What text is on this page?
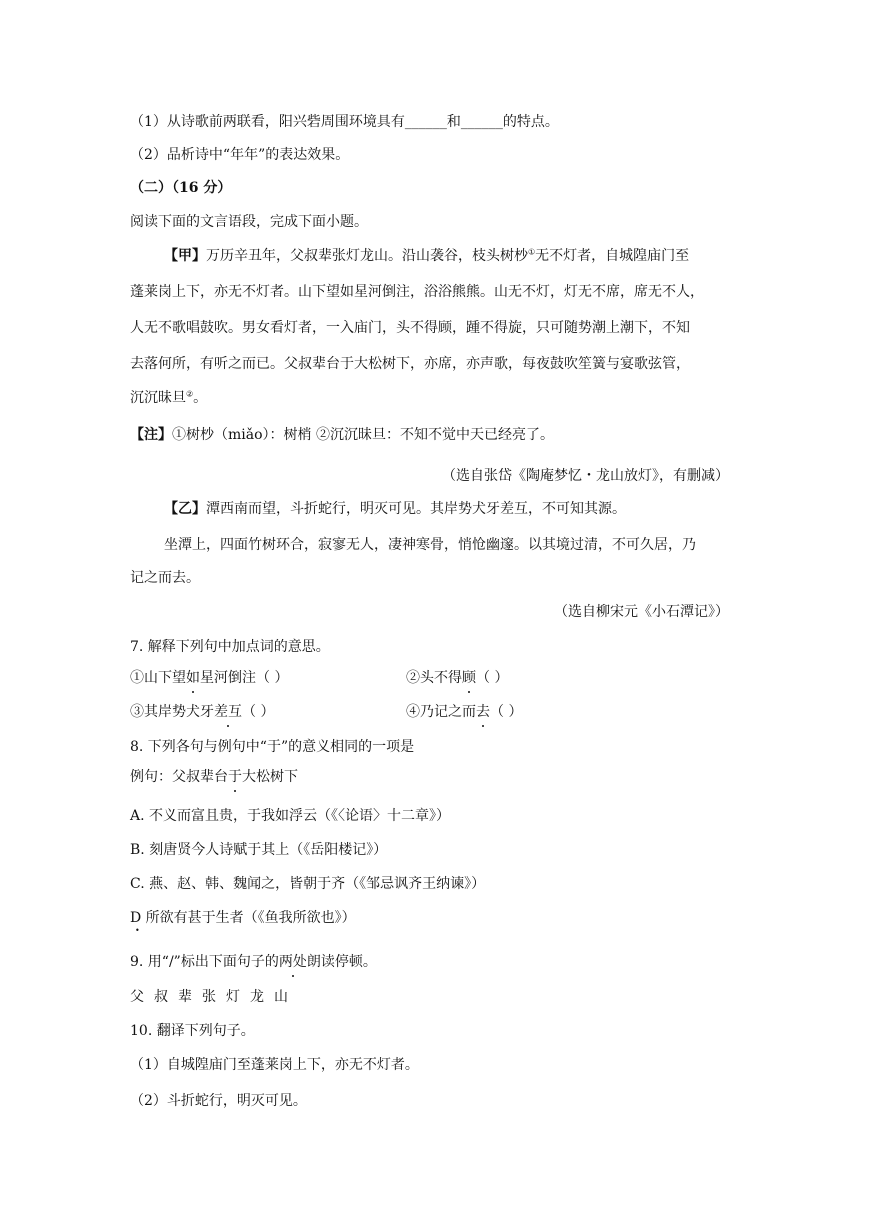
（1）从诗歌前两联看，阳兴砦周围环境具有______和______的特点。
（2）品析诗中“年年”的表达效果。
（二）（16 分）
阅读下面的文言语段，完成下面小题。
【甲】万历辛丑年，父叔辈张灯龙山。沿山袭谷，枝头树杪①无不灯者，自城隍庙门至
蓬莱岗上下，亦无不灯者。山下望如星河倒注，浴浴熊熊。山无不灯，灯无不席，席无不人，
人无不歌唱鼓吹。男女看灯者，一入庙门，头不得顾，踵不得旋，只可随势潮上潮下，不知
去落何所，有听之而已。父叔辈台于大松树下，亦席，亦声歌，每夜鼓吹笙簧与宴歌弦管，
沉沉昧旦②。
【注】①树杪（miǎo）：树梢 ②沉沉昧旦：不知不觉中天已经亮了。
（选自张岱《陶庵梦忆・龙山放灯》，有删减）
【乙】潭西南而望，斗折蛇行，明灭可见。其岸势犬牙差互，不可知其源。
坐潭上，四面竹树环合，寂寥无人，凄神寒骨，悄怆幽邃。以其境过清，不可久居，乃
记之而去。
（选自柳宋元《小石潭记》）
7. 解释下列句中加点词的意思。
①山下望如星河倒注（ ）	②头不得顾（ ）
③其岸势犬牙差互（ ）	④乃记之而去（ ）
8. 下列各句与例句中“于”的意义相同的一项是
例句：父叔辈台于大松树下
A. 不义而富且贵，于我如浮云（《〈论语〉十二章》）
B. 刻唐贤今人诗赋于其上（《岳阳楼记》）
C. 燕、赵、韩、魏闻之，皆朝于齐（《邹忌讽齐王纳谏》）
D 所欲有甚于生者（《鱼我所欲也》）
•
9. 用“/”标出下面句子的两处朗读停顿。
父叔辈张灯龙山
10. 翻译下列句子。
（1）自城隍庙门至蓬莱岗上下，亦无不灯者。
（2）斗折蛇行，明灭可见。
